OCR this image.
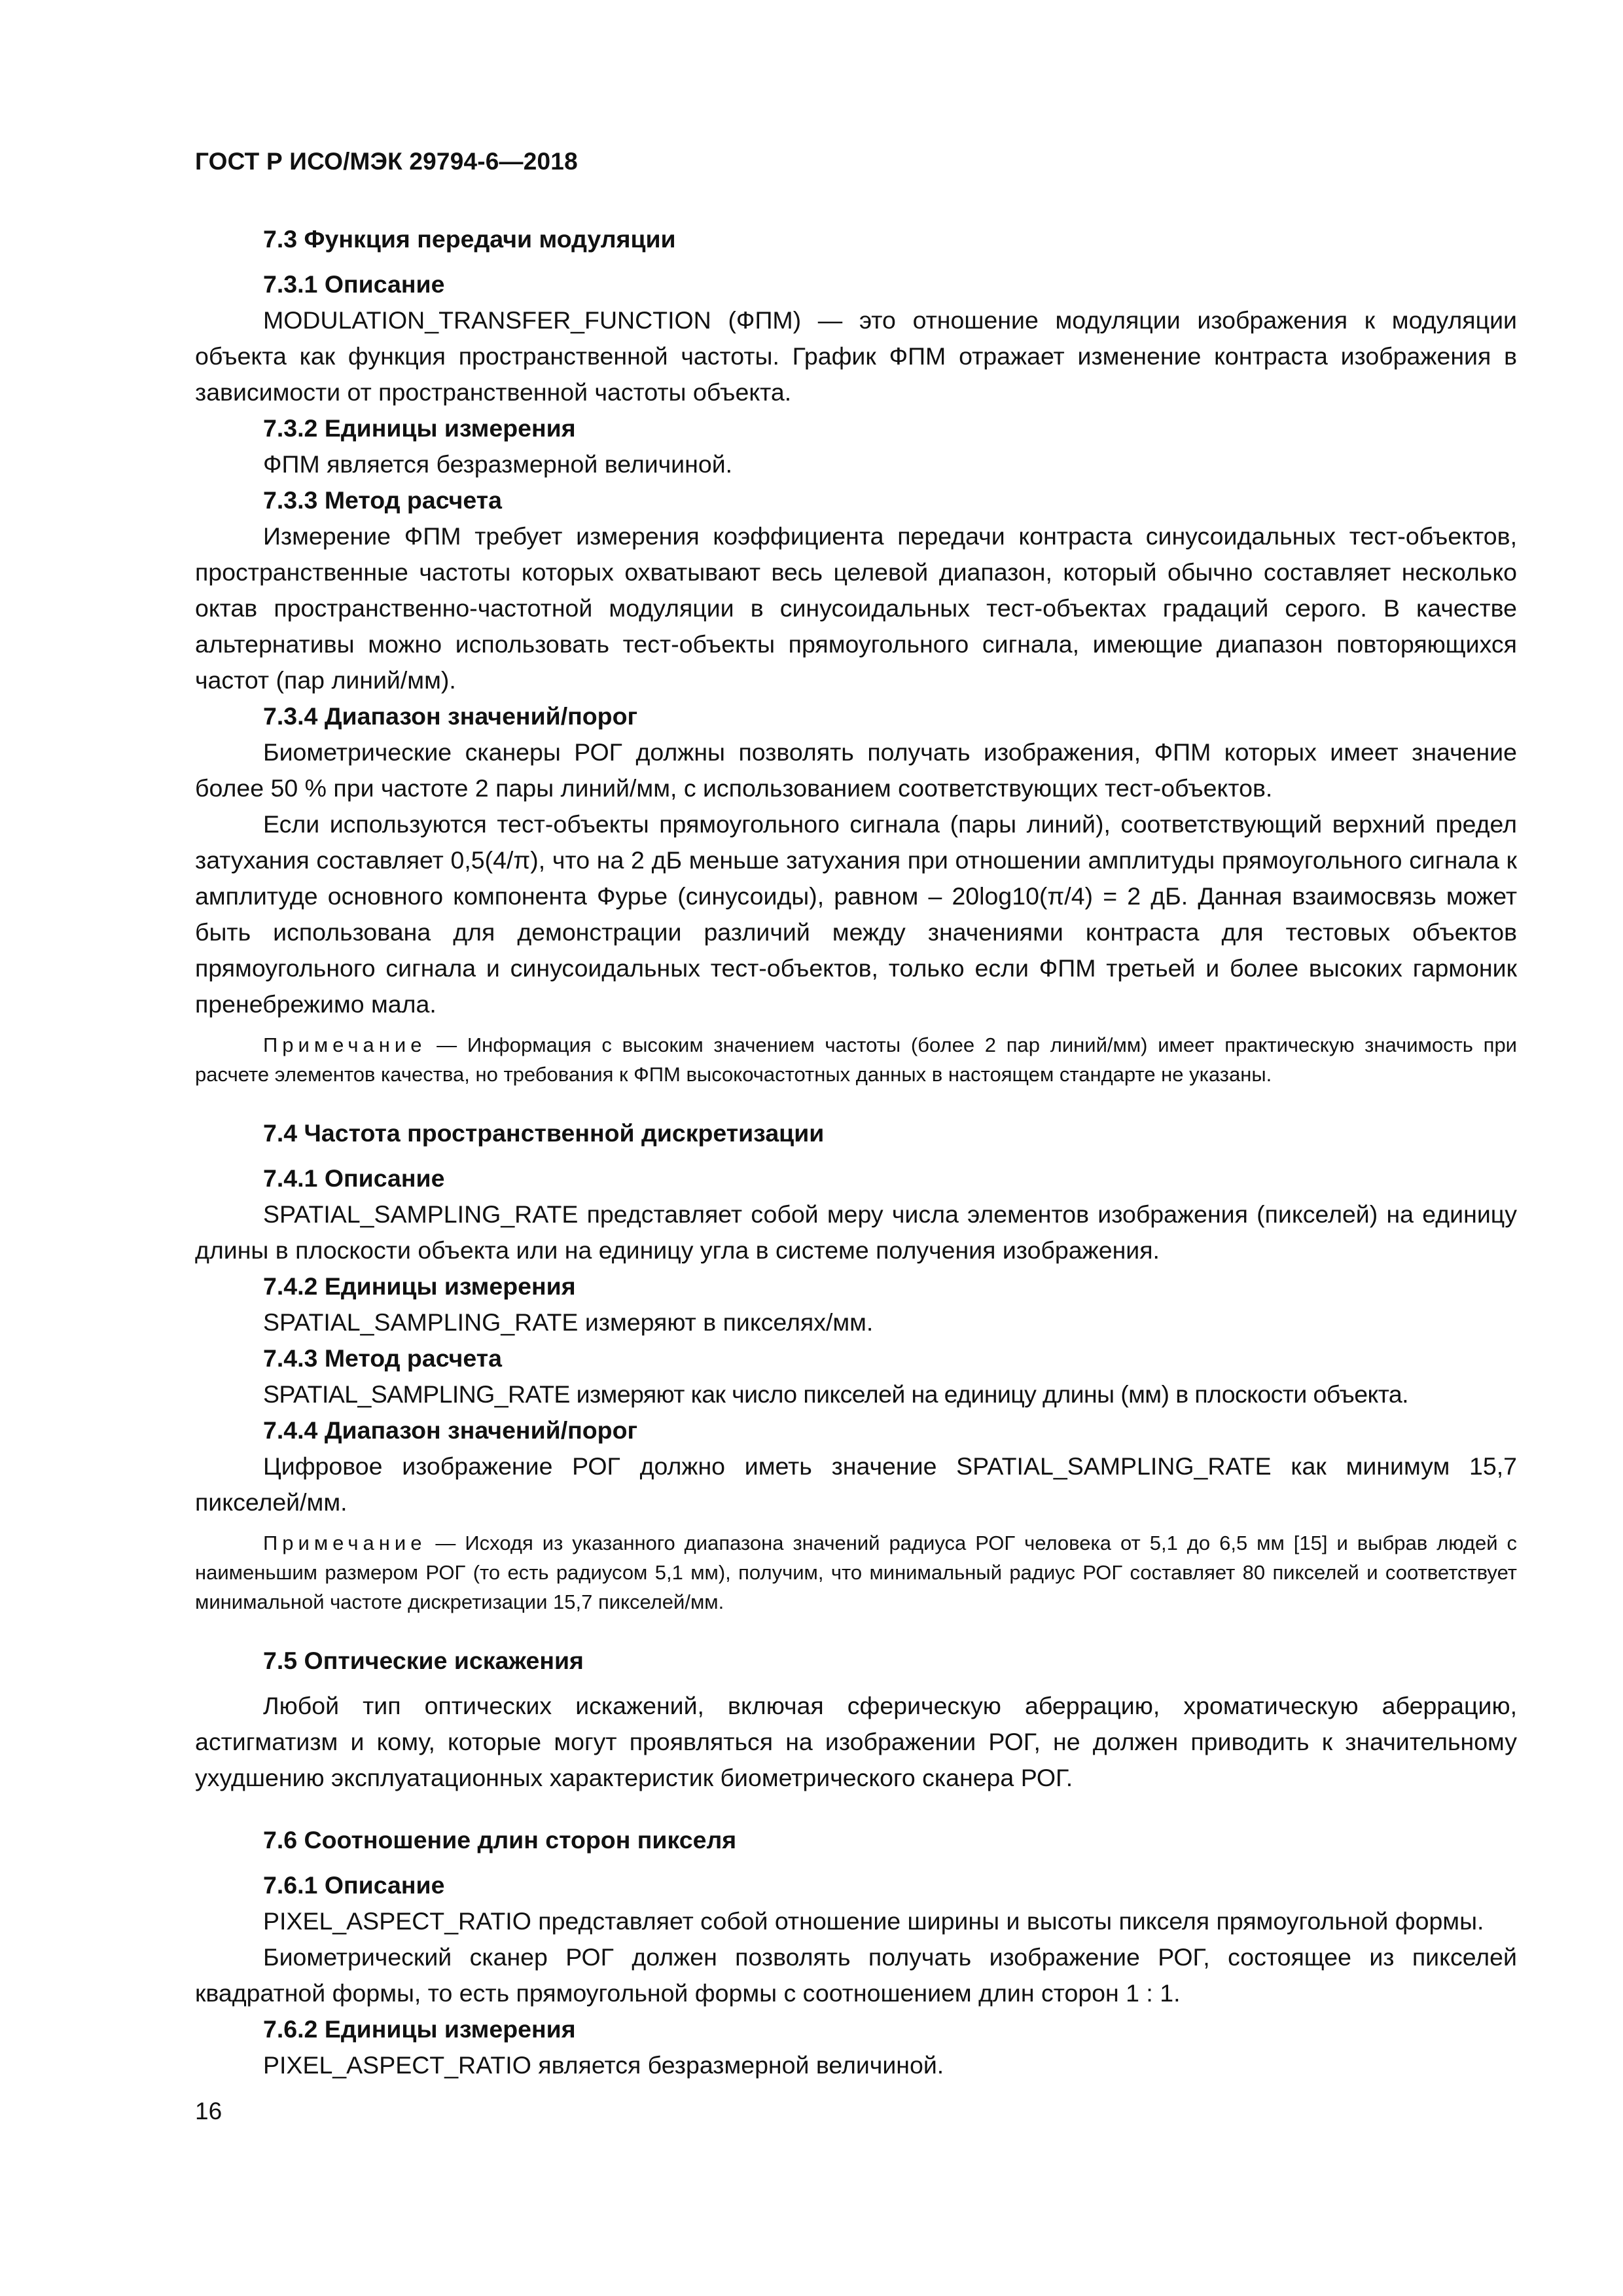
ГОСТ Р ИСО/МЭК 29794-6—2018

7.3 Функция передачи модуляции

7.3.1 Описание

MODULATION_TRANSFER_FUNCTION (ФПМ) — это отношение модуляции изображения к модуляции объекта как функция пространственной частоты. График ФПМ отражает изменение контраста изображения в зависимости от пространственной частоты объекта.

7.3.2 Единицы измерения

ФПМ является безразмерной величиной.

7.3.3 Метод расчета

Измерение ФПМ требует измерения коэффициента передачи контраста синусоидальных тест-объектов, пространственные частоты которых охватывают весь целевой диапазон, который обычно составляет несколько октав пространственно-частотной модуляции в синусоидальных тест-объектах градаций серого. В качестве альтернативы можно использовать тест-объекты прямоугольного сигнала, имеющие диапазон повторяющихся частот (пар линий/мм).

7.3.4 Диапазон значений/порог

Биометрические сканеры РОГ должны позволять получать изображения, ФПМ которых имеет значение более 50 % при частоте 2 пары линий/мм, с использованием соответствующих тест-объектов.

Если используются тест-объекты прямоугольного сигнала (пары линий), соответствующий верхний предел затухания составляет 0,5(4/π), что на 2 дБ меньше затухания при отношении амплитуды прямоугольного сигнала к амплитуде основного компонента Фурье (синусоиды), равном – 20log10(π/4) = 2 дБ. Данная взаимосвязь может быть использована для демонстрации различий между значениями контраста для тестовых объектов прямоугольного сигнала и синусоидальных тест-объектов, только если ФПМ третьей и более высоких гармоник пренебрежимо мала.

Примечание — Информация с высоким значением частоты (более 2 пар линий/мм) имеет практическую значимость при расчете элементов качества, но требования к ФПМ высокочастотных данных в настоящем стандарте не указаны.

7.4 Частота пространственной дискретизации

7.4.1 Описание

SPATIAL_SAMPLING_RATE представляет собой меру числа элементов изображения (пикселей) на единицу длины в плоскости объекта или на единицу угла в системе получения изображения.

7.4.2 Единицы измерения

SPATIAL_SAMPLING_RATE измеряют в пикселях/мм.

7.4.3 Метод расчета

SPATIAL_SAMPLING_RATE измеряют как число пикселей на единицу длины (мм) в плоскости объекта.

7.4.4 Диапазон значений/порог

Цифровое изображение РОГ должно иметь значение SPATIAL_SAMPLING_RATE как минимум 15,7 пикселей/мм.

Примечание — Исходя из указанного диапазона значений радиуса РОГ человека от 5,1 до 6,5 мм [15] и выбрав людей с наименьшим размером РОГ (то есть радиусом 5,1 мм), получим, что минимальный радиус РОГ составляет 80 пикселей и соответствует минимальной частоте дискретизации 15,7 пикселей/мм.

7.5 Оптические искажения

Любой тип оптических искажений, включая сферическую аберрацию, хроматическую аберрацию, астигматизм и кому, которые могут проявляться на изображении РОГ, не должен приводить к значительному ухудшению эксплуатационных характеристик биометрического сканера РОГ.

7.6 Соотношение длин сторон пикселя

7.6.1 Описание

PIXEL_ASPECT_RATIO представляет собой отношение ширины и высоты пикселя прямоугольной формы.

Биометрический сканер РОГ должен позволять получать изображение РОГ, состоящее из пикселей квадратной формы, то есть прямоугольной формы с соотношением длин сторон 1 : 1.

7.6.2 Единицы измерения

PIXEL_ASPECT_RATIO является безразмерной величиной.

16
